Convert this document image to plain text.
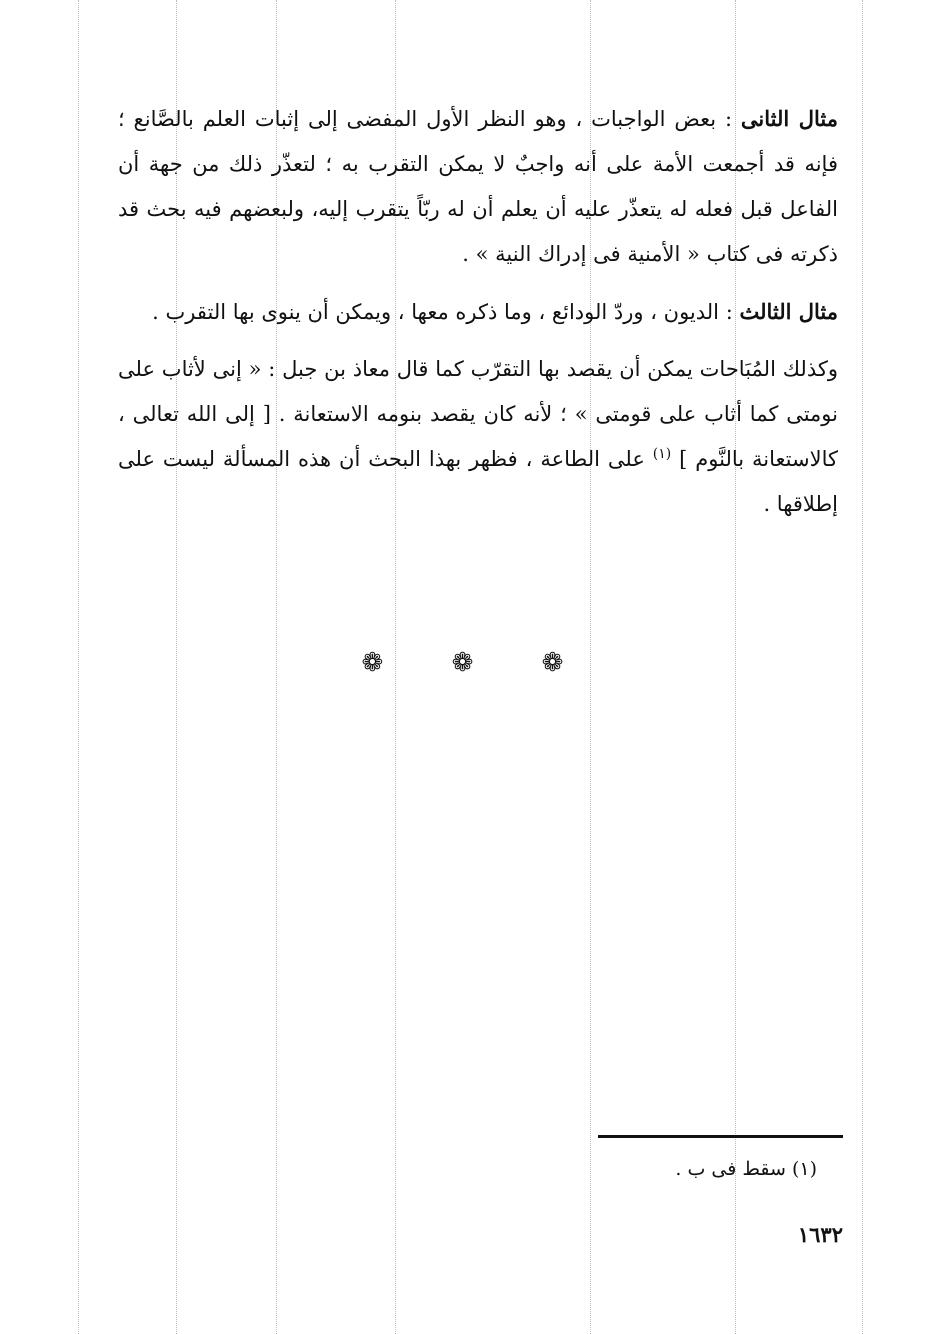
مثال الثانى : بعض الواجبات ، وهو النظر الأول المفضى إلى إثبات العلم بالصَّانع ؛ فإنه قد أجمعت الأمة على أنه واجبٌ لا يمكن التقرب به ؛ لتعذّر ذلك من جهة أن الفاعل قبل فعله له يتعذّر عليه أن يعلم أن له ربّاً يتقرب إليه، ولبعضهم فيه بحث قد ذكرته فى كتاب « الأمنية فى إدراك النية » .

مثال الثالث : الديون ، وردّ الودائع ، وما ذكره معها ، ويمكن أن ينوى بها التقرب .

وكذلك المُبَاحات يمكن أن يقصد بها التقرّب كما قال معاذ بن جبل : « إنى لأثاب على نومتى كما أثاب على قومتى » ؛ لأنه كان يقصد بنومه الاستعانة . [ إلى الله تعالى ، كالاستعانة بالنَّوم ] $^{(١)}$ على الطاعة ، فظهر بهذا البحث أن هذه المسألة ليست على إطلاقها .

❁ ❁ ❁
(١) سقط فى ب .
١٦٣٢
